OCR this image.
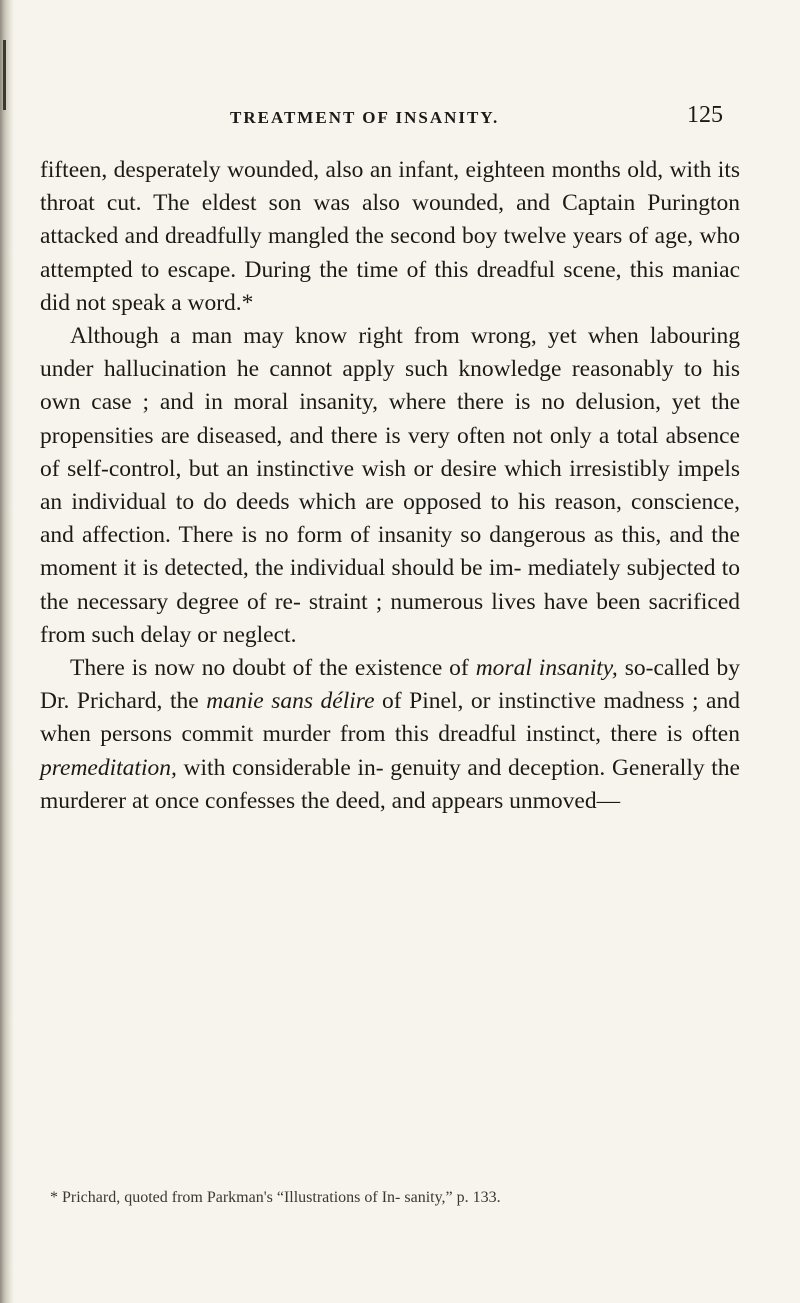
TREATMENT OF INSANITY.	125

fifteen, desperately wounded, also an infant, eighteen months old, with its throat cut. The eldest son was also wounded, and Captain Purington attacked and dreadfully mangled the second boy twelve years of age, who attempted to escape. During the time of this dreadful scene, this maniac did not speak a word.*

Although a man may know right from wrong, yet when labouring under hallucination he cannot apply such knowledge reasonably to his own case ; and in moral insanity, where there is no delusion, yet the propensities are diseased, and there is very often not only a total absence of self-control, but an instinctive wish or desire which irresistibly impels an individual to do deeds which are opposed to his reason, conscience, and affection. There is no form of insanity so dangerous as this, and the moment it is detected, the individual should be im- mediately subjected to the necessary degree of re- straint ; numerous lives have been sacrificed from such delay or neglect.

There is now no doubt of the existence of moral insanity, so-called by Dr. Prichard, the manie sans délire of Pinel, or instinctive madness ; and when persons commit murder from this dreadful instinct, there is often premeditation, with considerable in- genuity and deception. Generally the murderer at once confesses the deed, and appears unmoved—

* Prichard, quoted from Parkman's “Illustrations of In- sanity,” p. 133.
